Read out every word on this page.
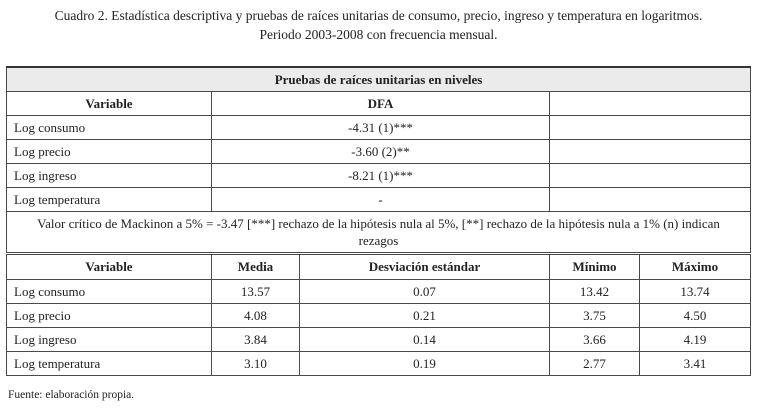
Cuadro 2. Estadística descriptiva y pruebas de raíces unitarias de consumo, precio, ingreso y temperatura en logaritmos.
Periodo 2003-2008 con frecuencia mensual.
Pruebas de raíces unitarias en niveles		
Variable	DFA	
Log consumo	-4.31 (1)***	
Log precio	-3.60 (2)**	
Log ingreso	-8.21 (1)***	
Log temperatura	-	
Valor crítico de Mackinon a 5% = -3.47 [***] rechazo de la hipótesis nula al 5%, [**] rechazo de la hipótesis nula a 1% (n) indican rezagos		
Variable	Media	Desviación estándar	Mínimo	Máximo
Log consumo	13.57	0.07	13.42	13.74
Log precio	4.08	0.21	3.75	4.50
Log ingreso	3.84	0.14	3.66	4.19
Log temperatura	3.10	0.19	2.77	3.41
Fuente: elaboración propia.
